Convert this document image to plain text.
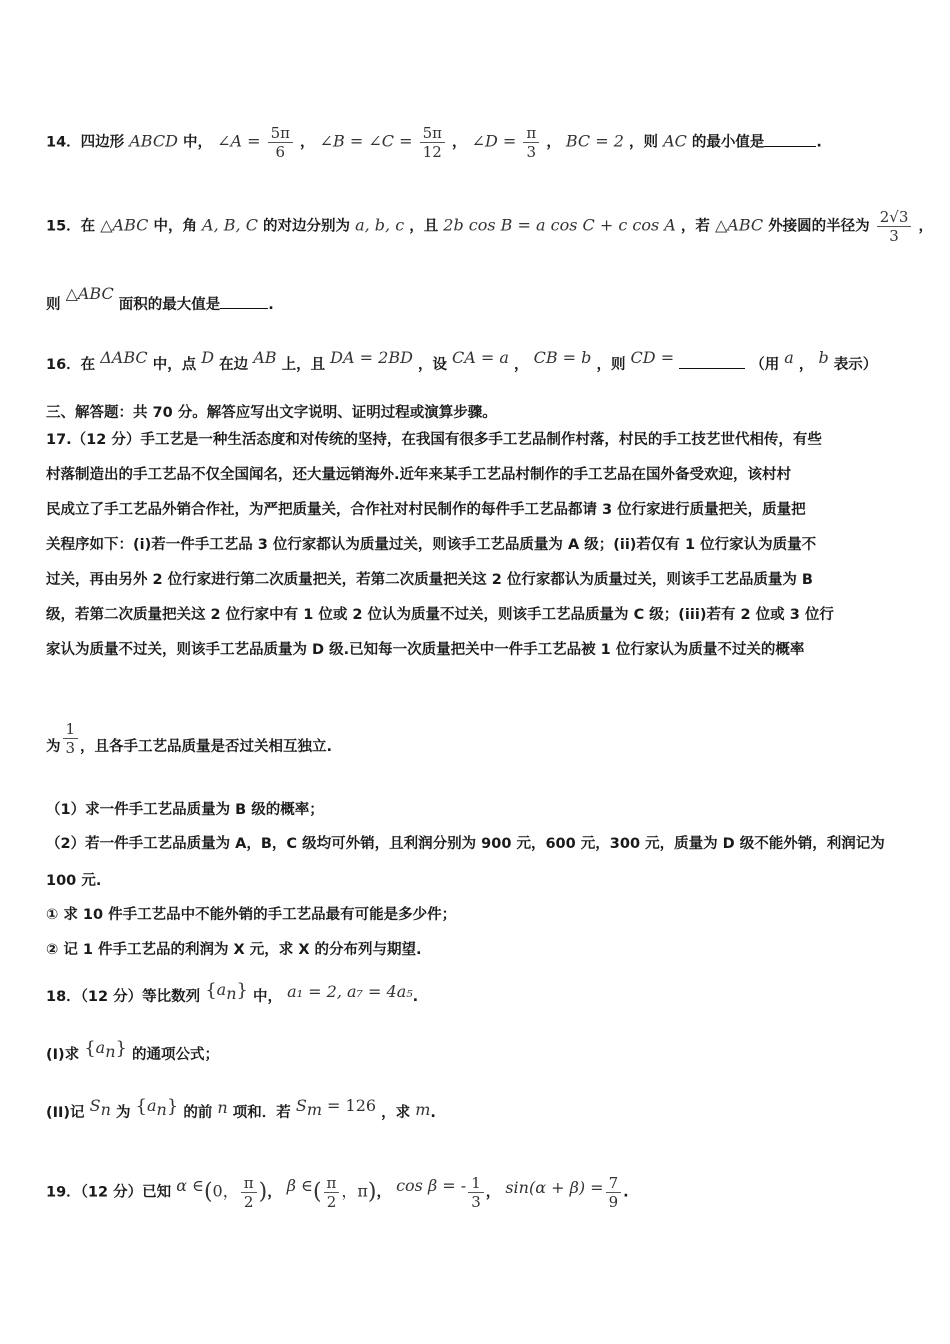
14．四边形 ABCD 中， ∠A = $\frac{5\pi}{6}$ ， ∠B = ∠C = $\frac{5\pi}{12}$ ， ∠D = $\frac{\pi}{3}$ ， BC = 2 ，则 AC 的最小值是	.
15．在 △ABC 中，角 A, B, C 的对边分别为 a, b, c ，且 2b cos B = a cos C + c cos A ，若 △ABC 外接圆的半径为 $\frac{2√3}{3}$ ，
则 △ABC 面积的最大值是	.
16．在 ΔABC 中，点 D 在边 AB 上，且 DA = 2BD ，设 CA = a ， CB = b ，则 CD =	（用 a ， b 表示）
三、解答题：共 70 分。解答应写出文字说明、证明过程或演算步骤。
17.（12 分）手工艺是一种生活态度和对传统的坚持，在我国有很多手工艺品制作村落，村民的手工技艺世代相传，有些
村落制造出的手工艺品不仅全国闻名，还大量远销海外.近年来某手工艺品村制作的手工艺品在国外备受欢迎，该村村
民成立了手工艺品外销合作社，为严把质量关，合作社对村民制作的每件手工艺品都请 3 位行家进行质量把关，质量把
关程序如下：(i)若一件手工艺品 3 位行家都认为质量过关，则该手工艺品质量为 A 级；(ii)若仅有 1 位行家认为质量不
过关，再由另外 2 位行家进行第二次质量把关，若第二次质量把关这 2 位行家都认为质量过关，则该手工艺品质量为 B
级，若第二次质量把关这 2 位行家中有 1 位或 2 位认为质量不过关，则该手工艺品质量为 C 级；(iii)若有 2 位或 3 位行
家认为质量不过关，则该手工艺品质量为 D 级.已知每一次质量把关中一件手工艺品被 1 位行家认为质量不过关的概率
为 $\frac{1}{3}$ ，且各手工艺品质量是否过关相互独立.
（1）求一件手工艺品质量为 B 级的概率；
（2）若一件手工艺品质量为 A，B，C 级均可外销，且利润分别为 900 元，600 元，300 元，质量为 D 级不能外销，利润记为
100 元.
① 求 10 件手工艺品中不能外销的手工艺品最有可能是多少件；
② 记 1 件手工艺品的利润为 X 元，求 X 的分布列与期望.
18．（12 分）等比数列 $\{a_n\}$ 中， a₁ = 2, a₇ = 4a₅.
(I)求 $\{a_n\}$ 的通项公式；
(II)记 $S_n$ 为 $\{a_n\}$ 的前 n 项和．若 $S_m = 126$ ，求 m.
19．（12 分）已知 α ∈(0， $\frac{\pi}{2}$ )， β ∈( $\frac{\pi}{2}$ ，π)， cos β = - $\frac{1}{3}$ ， $\sin(\alpha + \beta) = \frac{7}{9}$ .
